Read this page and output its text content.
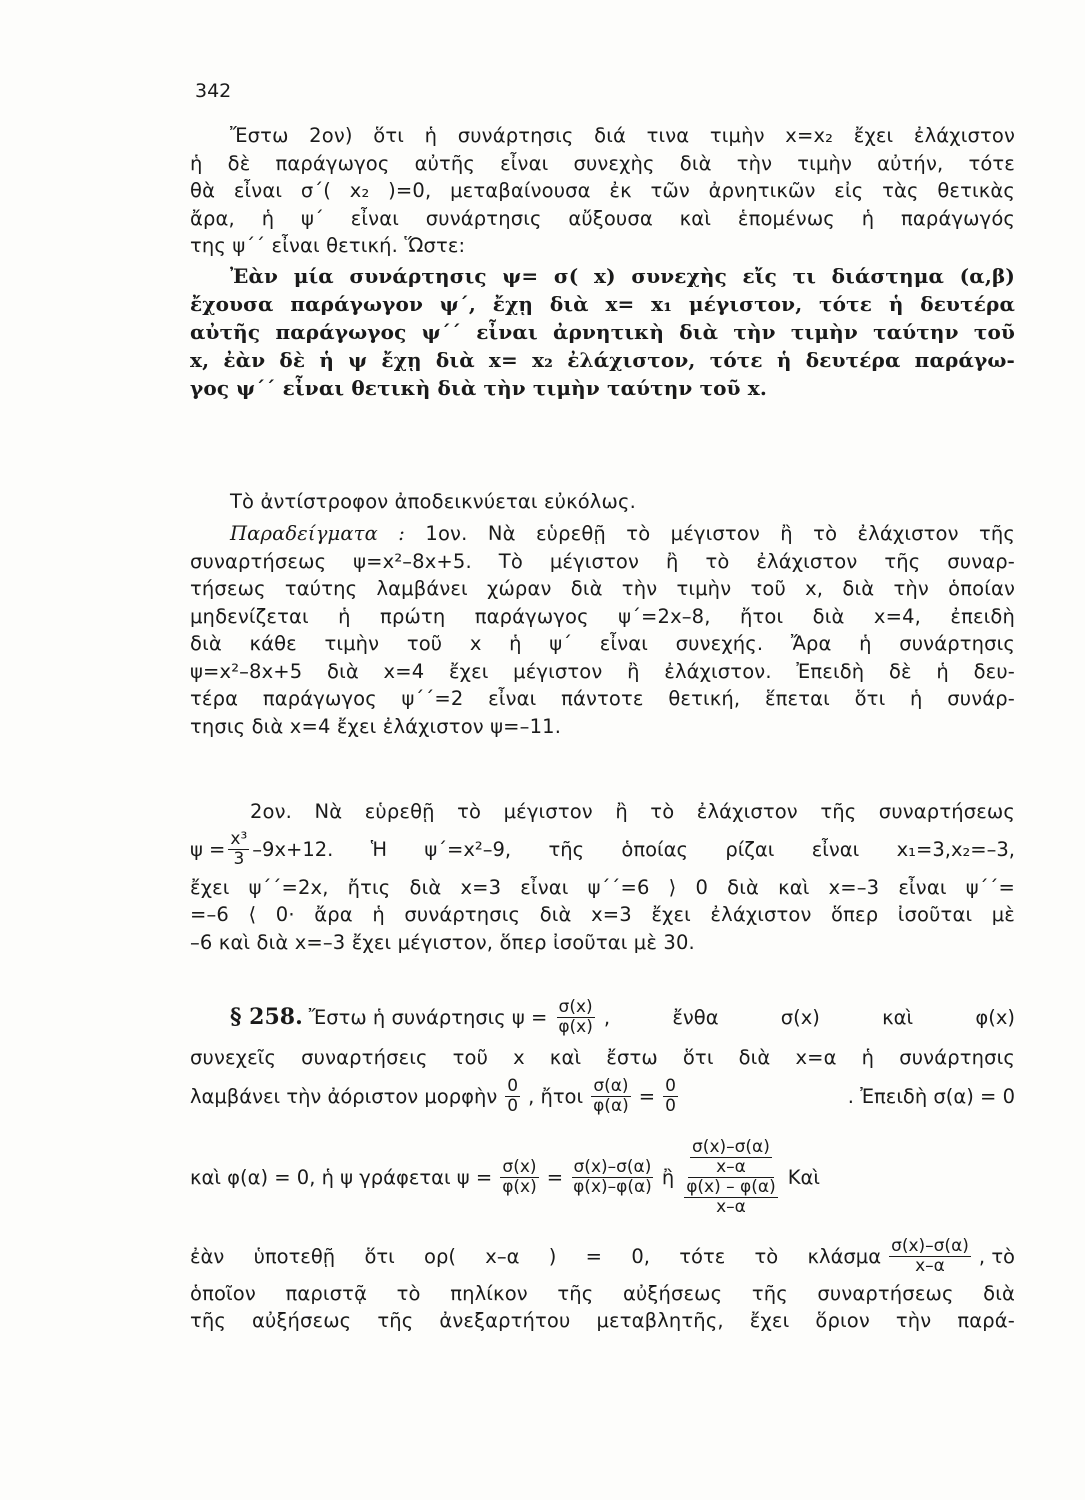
342
Ἔστω 2ον) ὅτι ἡ συνάρτησις διά τινα τιμὴν x=x₂ ἔχει ἐλάχιστον
ἡ δὲ παράγωγος αὐτῆς εἶναι συνεχὴς διὰ τὴν τιμὴν αὐτήν, τότε
θὰ εἶναι σ΄( x₂ )=0, μεταβαίνουσα ἐκ τῶν ἀρνητικῶν εἰς τὰς θετικὰς
ἄρα, ἡ ψ΄ εἶναι συνάρτησις αὔξουσα καὶ ἑπομένως ἡ παράγωγός
της ψ΄΄ εἶναι θετική. Ὥστε:
Ἐὰν μία συνάρτησις ψ= σ( x) συνεχὴς εἴς τι διάστημα (α,β)
ἔχουσα παράγωγον ψ΄, ἔχῃ διὰ x= x₁ μέγιστον, τότε ἡ δευτέρα
αὐτῆς παράγωγος ψ΄΄ εἶναι ἀρνητικὴ διὰ τὴν τιμὴν ταύτην τοῦ
x, ἐὰν δὲ ἡ ψ ἔχῃ διὰ x= x₂ ἐλάχιστον, τότε ἡ δευτέρα παράγω-
γος ψ΄΄ εἶναι θετικὴ διὰ τὴν τιμὴν ταύτην τοῦ x.
Τὸ ἀντίστροφον ἀποδεικνύεται εὐκόλως.
Παραδείγματα : 1ον. Νὰ εὑρεθῇ τὸ μέγιστον ἢ τὸ ἐλάχιστον τῆς
συναρτήσεως ψ=x²–8x+5. Τὸ μέγιστον ἢ τὸ ἐλάχιστον τῆς συναρ-
τήσεως ταύτης λαμβάνει χώραν διὰ τὴν τιμὴν τοῦ x, διὰ τὴν ὁποίαν
μηδενίζεται ἡ πρώτη παράγωγος ψ΄=2x–8, ἤτοι διὰ x=4, ἐπειδὴ
διὰ κάθε τιμὴν τοῦ x ἡ ψ΄ εἶναι συνεχής. Ἄρα ἡ συνάρτησις
ψ=x²–8x+5 διὰ x=4 ἔχει μέγιστον ἢ ἐλάχιστον. Ἐπειδὴ δὲ ἡ δευ-
τέρα παράγωγος ψ΄΄=2 εἶναι πάντοτε θετική, ἕπεται ὅτι ἡ συνάρ-
τησις διὰ x=4 ἔχει ἐλάχιστον ψ=–11.
2ον. Νὰ εὑρεθῇ τὸ μέγιστον ἢ τὸ ἐλάχιστον τῆς συναρτήσεως
$\psi = \frac{\text{x³}}{3} -9x+12$. Ἡ ψ΄=x²–9, τῆς ὁποίας ρίζαι εἶναι x₁=3,x₂=–3,
ἔχει ψ΄΄=2x, ἤτις διὰ x=3 εἶναι ψ΄΄=6 ⟩ 0 διὰ καὶ x=–3 εἶναι ψ΄΄=
=–6 ⟨ 0· ἄρα ἡ συνάρτησις διὰ x=3 ἔχει ἐλάχιστον ὅπερ ἰσοῦται μὲ
–6 καὶ διὰ x=–3 ἔχει μέγιστον, ὅπερ ἰσοῦται μὲ 30.
§ 258. Ἔστω ἡ συνάρτησις $\psi = \frac{\sigma(x)}{\varphi(x)}$ , ἔνθα σ(x) καὶ φ(x)
συνεχεῖς συναρτήσεις τοῦ x καὶ ἔστω ὅτι διὰ x=α ἡ συνάρτησις
λαμβάνει τὴν ἀόριστον μορφὴν $\frac{0}{0}$ , ἤτοι $\frac{\sigma(\alpha)}{\varphi(\alpha)} = \frac{0}{0}$	. Ἐπειδὴ σ(α) = 0
καὶ φ(α) = 0, ἡ ψ γράφεται $\psi = \frac{\sigma(x)}{\varphi(x)} = \frac{\sigma(x)-\sigma(\alpha)}{\varphi(x)-\varphi(\alpha)}$ ἢ $\frac{\frac{\sigma(x)-\sigma(\alpha)}{x-\alpha}}{\frac{\varphi(x) - \varphi(\alpha)}{x-\alpha}}$ Καὶ
ἐὰν ὑποτεθῇ ὅτι ορ( x–α ) = 0, τότε τὸ κλάσμα $\frac{\sigma(x)-\sigma(\alpha)}{x-\alpha}$ , τὸ
ὁποῖον παριστᾷ τὸ πηλίκον τῆς αὐξήσεως τῆς συναρτήσεως διὰ
τῆς αὐξήσεως τῆς ἀνεξαρτήτου μεταβλητῆς, ἔχει ὅριον τὴν παρά-
